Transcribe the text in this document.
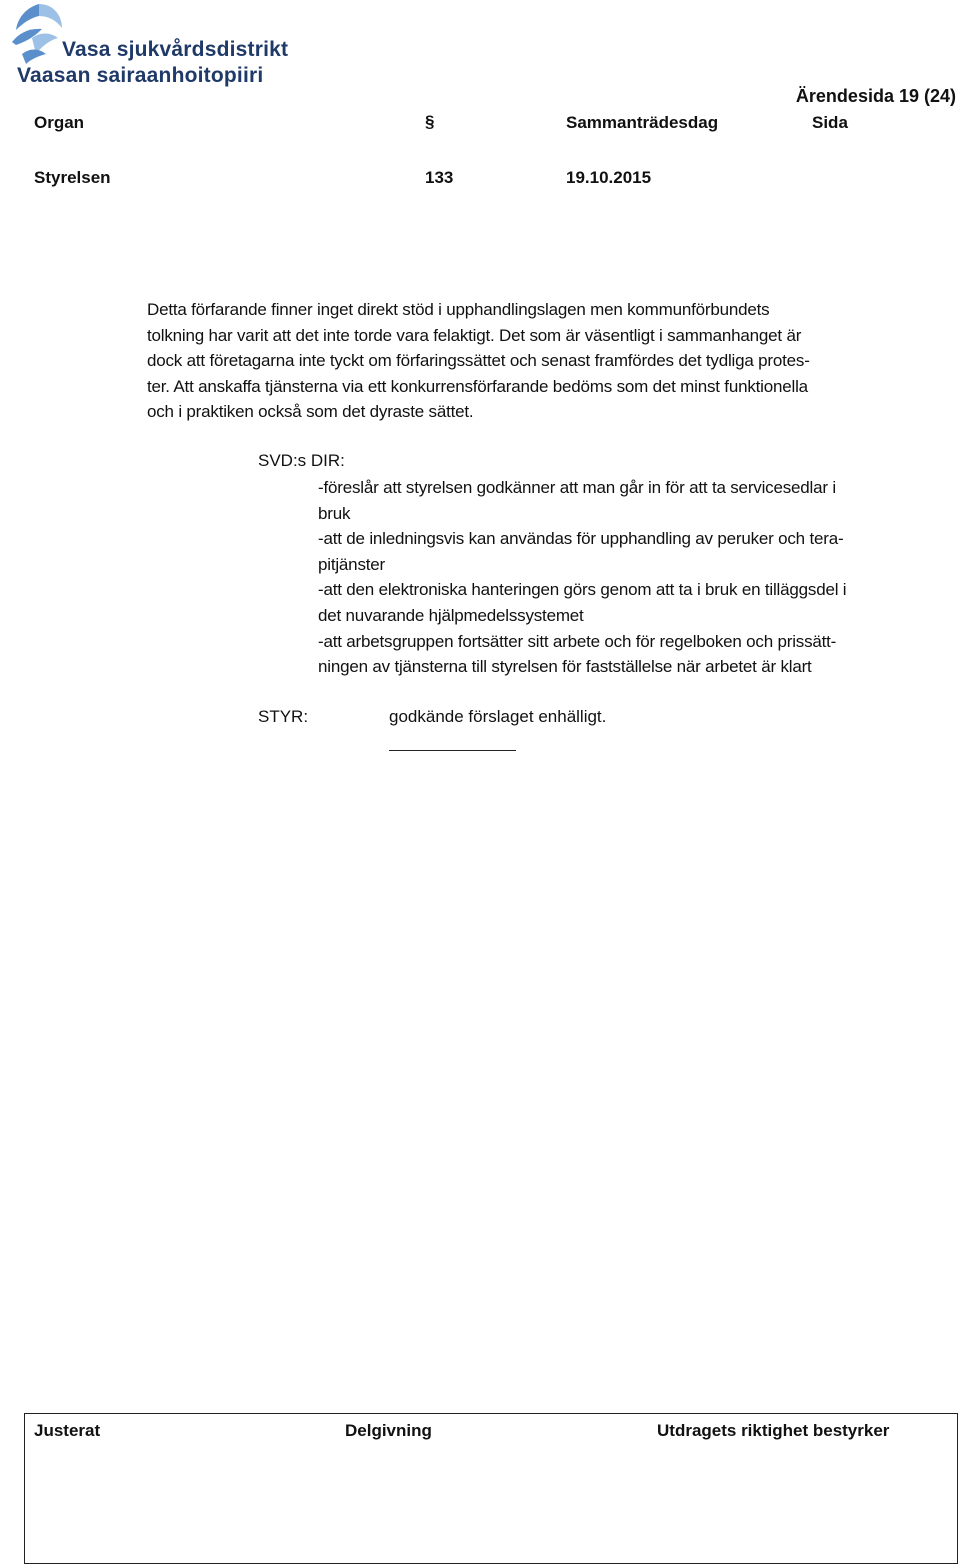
Vasa sjukvårdsdistrikt
Vaasan sairaanhoitopiiri
Ärendesida 19 (24)
Organ	§	Sammanträdesdag	Sida
Styrelsen	133	19.10.2015
Detta förfarande finner inget direkt stöd i upphandlingslagen men kommunförbundets
tolkning har varit att det inte torde vara felaktigt. Det som är väsentligt i sammanhanget är
dock att företagarna inte tyckt om förfaringssättet och senast framfördes det tydliga protes-
ter. Att anskaffa tjänsterna via ett konkurrensförfarande bedöms som det minst funktionella
och i praktiken också som det dyraste sättet.
SVD:s DIR:
-föreslår att styrelsen godkänner att man går in för att ta servicesedlar i
bruk
-att de inledningsvis kan användas för upphandling av peruker och tera-
pitjänster
-att den elektroniska hanteringen görs genom att ta i bruk en tilläggsdel i
det nuvarande hjälpmedelssystemet
-att arbetsgruppen fortsätter sitt arbete och för regelboken och prissätt-
ningen av tjänsterna till styrelsen för fastställelse när arbetet är klart
STYR:	godkände förslaget enhälligt.
Justerat	Delgivning	Utdragets riktighet bestyrker
